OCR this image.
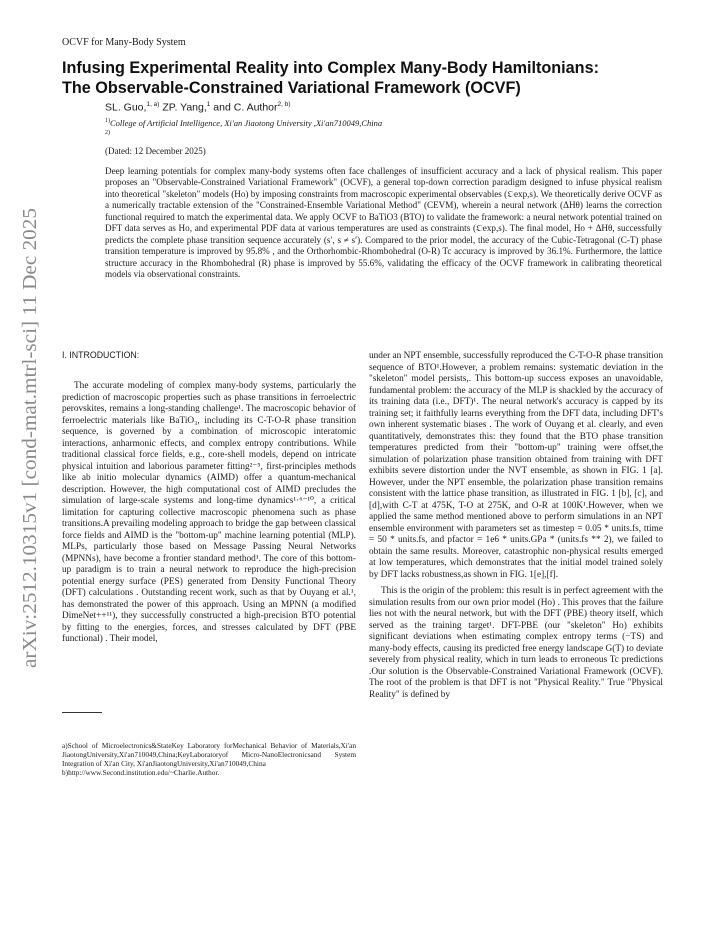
OCVF for Many-Body System
Infusing Experimental Reality into Complex Many-Body Hamiltonians:
The Observable-Constrained Variational Framework (OCVF)
SL. Guo,$^{1, a)}$ ZP. Yang,$^1$ and C. Author$^{2, b)}$
$^{1)}$College of Artificial Intelligence, Xi'an Jiaotong University ,Xi'an710049,China
$^{2)}$
(Dated: 12 December 2025)
Deep learning potentials for complex many-body systems often face challenges of insufficient accuracy and a lack of physical realism. This paper proposes an "Observable-Constrained Variational Framework" (OCVF), a general top-down correction paradigm designed to infuse physical realism into theoretical "skeleton" models (Ho) by imposing constraints from macroscopic experimental observables (𝔒exp,s). We theoretically derive OCVF as a numerically tractable extension of the "Constrained-Ensemble Variational Method" (CEVM), wherein a neural network (ΔHθ) learns the correction functional required to match the experimental data. We apply OCVF to BaTiO3 (BTO) to validate the framework: a neural network potential trained on DFT data serves as Ho, and experimental PDF data at various temperatures are used as constraints (𝔒exp,s). The final model, Ho + ΔHθ, successfully predicts the complete phase transition sequence accurately (s′, s ≠ s′). Compared to the prior model, the accuracy of the Cubic-Tetragonal (C-T) phase transition temperature is improved by 95.8% , and the Orthorhombic-Rhombohedral (O-R) Tc accuracy is improved by 36.1%. Furthermore, the lattice structure accuracy in the Rhombohedral (R) phase is improved by 55.6%, validating the efficacy of the OCVF framework in calibrating theoretical models via observational constraints.
I. INTRODUCTION:

The accurate modeling of complex many-body systems, particularly the prediction of macroscopic properties such as phase transitions in ferroelectric perovskites, remains a long-standing challenge¹. The macroscopic behavior of ferroelectric materials like BaTiO₃, including its C-T-O-R phase transition sequence, is governed by a combination of microscopic interatomic interactions, anharmonic effects, and complex entropy contributions. While traditional classical force fields, e.g., core-shell models, depend on intricate physical intuition and laborious parameter fitting²⁻⁵, first-principles methods like ab initio molecular dynamics (AIMD) offer a quantum-mechanical description. However, the high computational cost of AIMD precludes the simulation of large-scale systems and long-time dynamics¹·⁶⁻¹⁰, a critical limitation for capturing collective macroscopic phenomena such as phase transitions.A prevailing modeling approach to bridge the gap between classical force fields and AIMD is the "bottom-up" machine learning potential (MLP). MLPs, particularly those based on Message Passing Neural Networks (MPNNs), have become a frontier standard method¹. The core of this bottom-up paradigm is to train a neural network to reproduce the high-precision potential energy surface (PES) generated from Density Functional Theory (DFT) calculations . Outstanding recent work, such as that by Ouyang et al.¹, has demonstrated the power of this approach. Using an MPNN (a modified DimeNet++¹¹), they successfully constructed a high-precision BTO potential by fitting to the energies, forces, and stresses calculated by DFT (PBE functional) . Their model,

under an NPT ensemble, successfully reproduced the C-T-O-R phase transition sequence of BTO¹.However, a problem remains: systematic deviation in the "skeleton" model persists,. This bottom-up success exposes an unavoidable, fundamental problem: the accuracy of the MLP is shackled by the accuracy of its training data (i.e., DFT)¹. The neural network's accuracy is capped by its training set; it faithfully learns everything from the DFT data, including DFT's own inherent systematic biases . The work of Ouyang et al. clearly, and even quantitatively, demonstrates this: they found that the BTO phase transition temperatures predicted from their "bottom-up" training were offset,the simulation of polarization phase transition obtained from training with DFT exhibits severe distortion under the NVT ensemble, as shown in FIG. 1 [a]. However, under the NPT ensemble, the polarization phase transition remains consistent with the lattice phase transition, as illustrated in FIG. 1 [b], [c], and [d],with C-T at 475K, T-O at 275K, and O-R at 100K¹.However, when we applied the same method mentioned above to perform simulations in an NPT ensemble environment with parameters set as timestep = 0.05 * units.fs, ttime = 50 * units.fs, and pfactor = 1e6 * units.GPa * (units.fs ** 2), we failed to obtain the same results. Moreover, catastrophic non-physical results emerged at low temperatures, which demonstrates that the initial model trained solely by DFT lacks robustness,as shown in FIG. 1[e],[f].

This is the origin of the problem: this result is in perfect agreement with the simulation results from our own prior model (Ho) . This proves that the failure lies not with the neural network, but with the DFT (PBE) theory itself, which served as the training target¹. DFT-PBE (our "skeleton" Ho) exhibits significant deviations when estimating complex entropy terms (−TS) and many-body effects, causing its predicted free energy landscape G(T) to deviate severely from physical reality, which in turn leads to erroneous Tc predictions .Our solution is the Observable-Constrained Variational Framework (OCVF). The root of the problem is that DFT is not "Physical Reality." True "Physical Reality" is defined by

a)School of Microelectronics&StateKey Laboratory forMechanical Behavior of Materials,Xi'an JiaotongUniversity,Xi'an710049,China;KeyLaboratoryof Micro-NanoElectronicsand System Integration of Xi'an City, Xi'anJiaotongUniversity,Xi'an710049,China
b)http://www.Second.institution.edu/~Charlie.Author.
arXiv:2512.10315v1 [cond-mat.mtrl-sci] 11 Dec 2025
